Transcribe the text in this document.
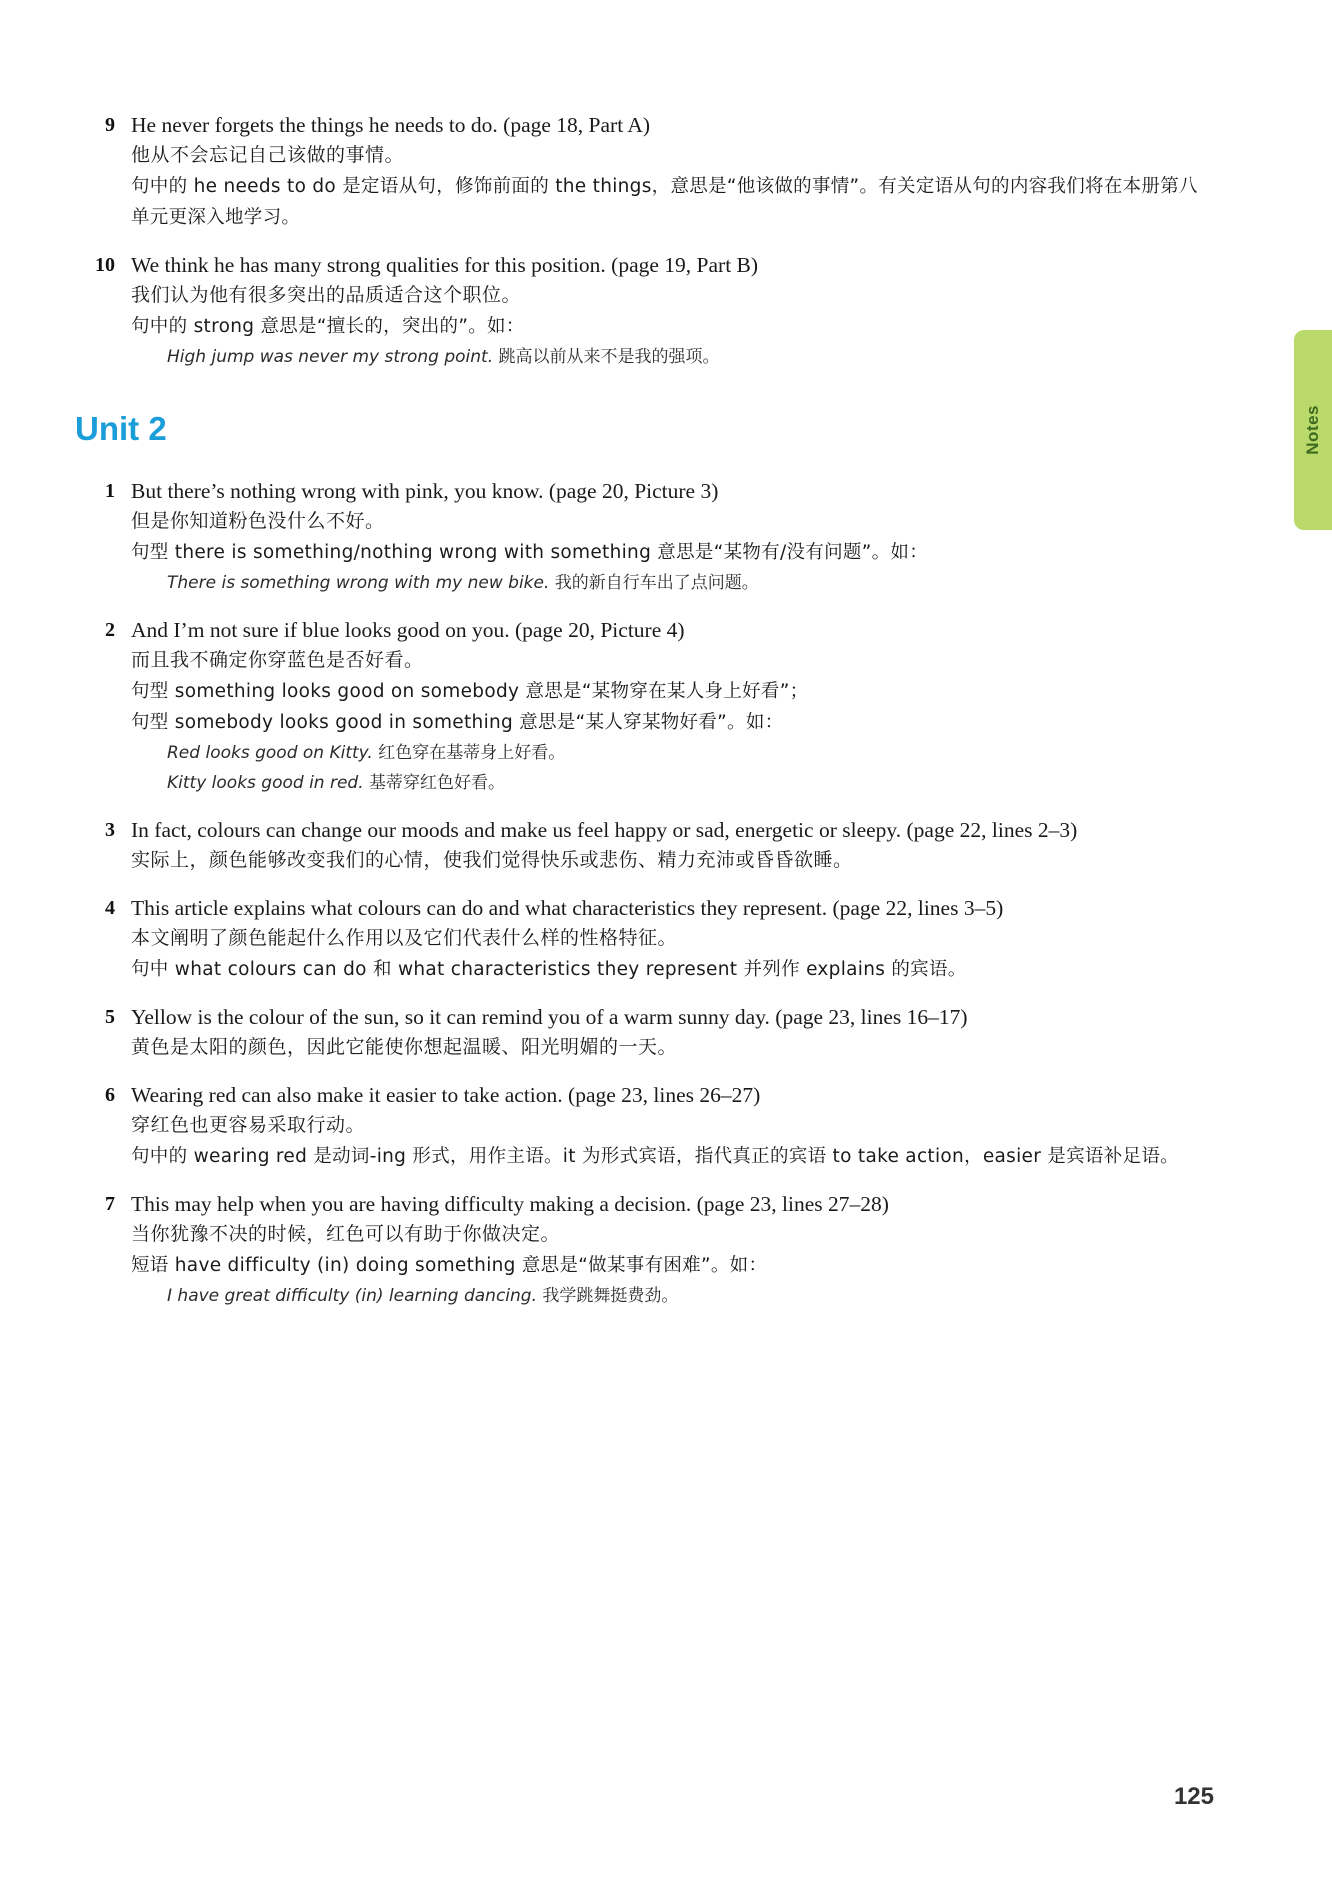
Notes
9 He never forgets the things he needs to do. (page 18, Part A)
他从不会忘记自己该做的事情。
句中的 he needs to do 是定语从句，修饰前面的 the things，意思是“他该做的事情”。有关定语从句的内容我们将在本册第八单元更深入地学习。
10 We think he has many strong qualities for this position. (page 19, Part B)
我们认为他有很多突出的品质适合这个职位。
句中的 strong 意思是“擅长的，突出的”。如：
High jump was never my strong point. 跳高以前从来不是我的强项。
Unit 2
1 But there’s nothing wrong with pink, you know. (page 20, Picture 3)
但是你知道粉色没什么不好。
句型 there is something/nothing wrong with something 意思是“某物有/没有问题”。如：
There is something wrong with my new bike. 我的新自行车出了点问题。
2 And I’m not sure if blue looks good on you. (page 20, Picture 4)
而且我不确定你穿蓝色是否好看。
句型 something looks good on somebody 意思是“某物穿在某人身上好看”；
句型 somebody looks good in something 意思是“某人穿某物好看”。如：
Red looks good on Kitty. 红色穿在基蒂身上好看。
Kitty looks good in red. 基蒂穿红色好看。
3 In fact, colours can change our moods and make us feel happy or sad, energetic or sleepy. (page 22, lines 2–3)
实际上，颜色能够改变我们的心情，使我们觉得快乐或悲伤、精力充沛或昏昏欲睡。
4 This article explains what colours can do and what characteristics they represent. (page 22, lines 3–5)
本文阐明了颜色能起什么作用以及它们代表什么样的性格特征。
句中 what colours can do 和 what characteristics they represent 并列作 explains 的宾语。
5 Yellow is the colour of the sun, so it can remind you of a warm sunny day. (page 23, lines 16–17)
黄色是太阳的颜色，因此它能使你想起温暖、阳光明媚的一天。
6 Wearing red can also make it easier to take action. (page 23, lines 26–27)
穿红色也更容易采取行动。
句中的 wearing red 是动词-ing 形式，用作主语。it 为形式宾语，指代真正的宾语 to take action，easier 是宾语补足语。
7 This may help when you are having difficulty making a decision. (page 23, lines 27–28)
当你犹豫不决的时候，红色可以有助于你做决定。
短语 have difficulty (in) doing something 意思是“做某事有困难”。如：
I have great difficulty (in) learning dancing. 我学跳舞挺费劲。
125
